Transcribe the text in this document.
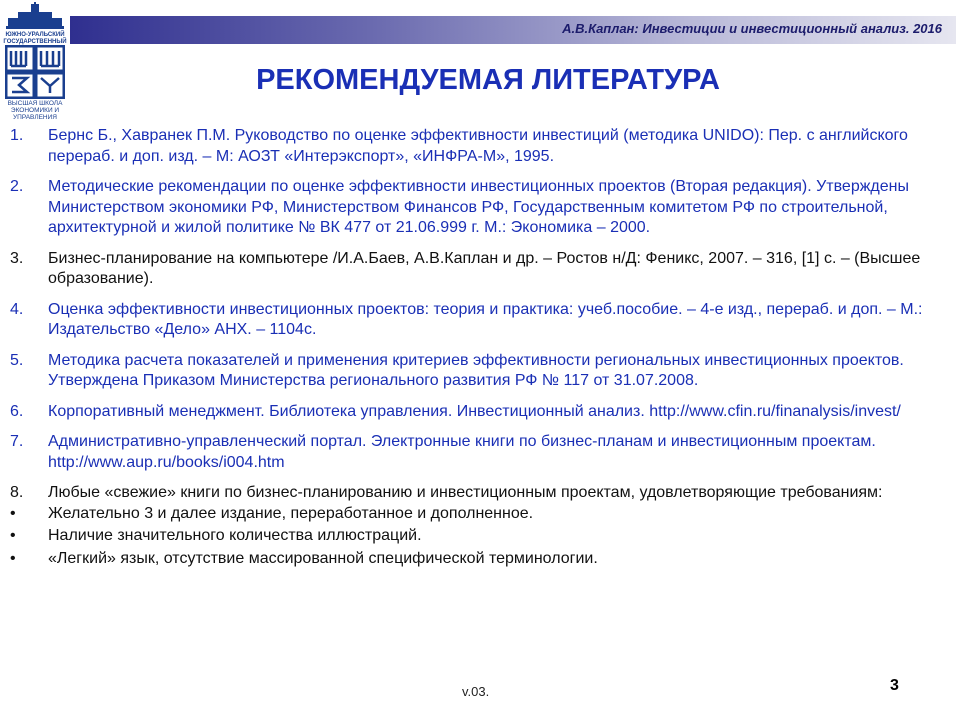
А.В.Каплан: Инвестиции и инвестиционный анализ. 2016
ЮЖНО-УРАЛЬСКИЙ ГОСУДАРСТВЕННЫЙ
ВЫСШАЯ ШКОЛА ЭКОНОМИКИ И УПРАВЛЕНИЯ
РЕКОМЕНДУЕМАЯ ЛИТЕРАТУРА
1.	Бернс Б., Хавранек П.М. Руководство по оценке эффективности инвестиций (методика UNIDO): Пер. с английского перераб. и доп. изд. – М: АОЗТ «Интерэкспорт», «ИНФРА-М», 1995.
2.	Методические рекомендации по оценке эффективности инвестиционных проектов (Вторая редакция). Утверждены Министерством экономики РФ, Министерством Финансов РФ, Государственным комитетом РФ по строительной, архитектурной и жилой политике № ВК 477 от 21.06.999 г. М.: Экономика – 2000.
3.	Бизнес-планирование на компьютере /И.А.Баев, А.В.Каплан и др. – Ростов н/Д: Феникс, 2007. – 316, [1] с. – (Высшее образование).
4.	Оценка эффективности инвестиционных проектов: теория и практика: учеб.пособие. – 4-е изд., перераб. и доп. – М.: Издательство «Дело» АНХ. – 1104с.
5.	Методика расчета показателей и применения критериев эффективности региональных инвестиционных проектов. Утверждена Приказом Министерства регионального развития РФ № 117 от 31.07.2008.
6.	Корпоративный менеджмент. Библиотека управления. Инвестиционный анализ. http://www.cfin.ru/finanalysis/invest/
7.	Административно-управленческий портал. Электронные книги по бизнес-планам и инвестиционным проектам. http://www.aup.ru/books/i004.htm
8.	Любые «свежие» книги по бизнес-планированию и инвестиционным проектам, удовлетворяющие требованиям:
•	Желательно 3 и далее издание, переработанное и дополненное.
•	Наличие значительного количества иллюстраций.
•	«Легкий» язык, отсутствие массированной специфической терминологии.
v.03.	3
